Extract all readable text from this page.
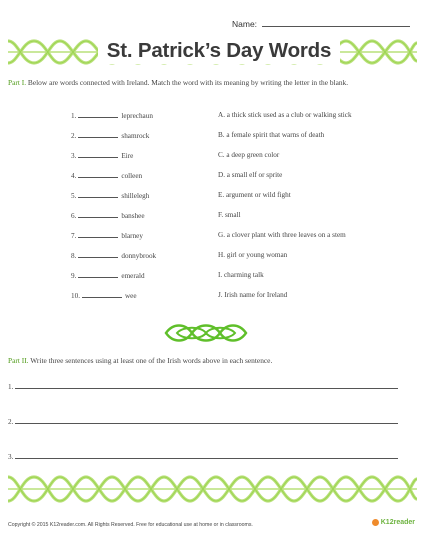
Name:
St. Patrick’s Day Words
Part I. Below are words connected with Ireland. Match the word with its meaning by writing the letter in the blank.
1.	leprechaun	A. a thick stick used as a club or walking stick
2.	shamrock	B. a female spirit that warns of death
3.	Eire	C. a deep green color
4.	colleen	D. a small elf or sprite
5.	shillelegh	E. argument or wild fight
6.	banshee	F. small
7.	blarney	G. a clover plant with three leaves on a stem
8.	donnybrook	H. girl or young woman
9.	emerald	I. charming talk
10.	wee	J. Irish name for Ireland
Part II. Write three sentences using at least one of the Irish words above in each sentence.
1.
2.
3.
Copyright © 2015 K12reader.com. All Rights Reserved. Free for educational use at home or in classrooms.	K12reader
